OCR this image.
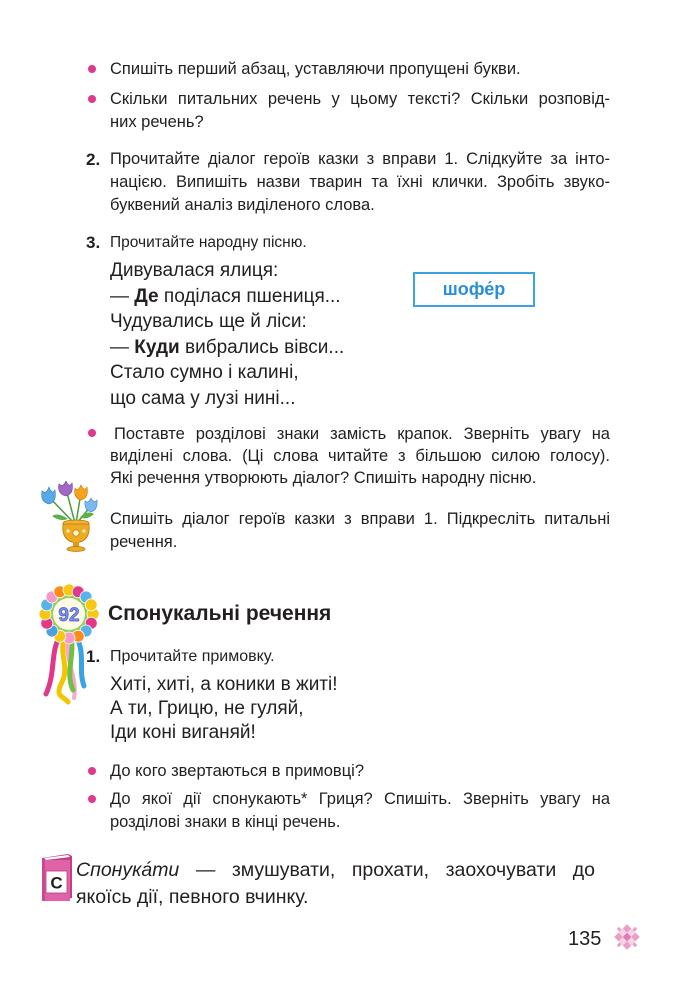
Спишіть перший абзац, уставляючи пропущені букви.
Скільки питальних речень у цьому тексті? Скільки розповід-
них речень?
2. Прочитайте діалог героїв казки з вправи 1. Слідкуйте за інто-
нацією. Випишіть назви тварин та їхні клички. Зробіть звуко-
буквений аналіз виділеного слова.
3. Прочитайте народну пісню.
Дивувалася ялиця:
— Де поділася пшениця...
Чудувались ще й ліси:
— Куди вибрались вівси...
Стало сумно і калині,
що сама у лузі нині...
шофе́р
Поставте розділові знаки замість крапок. Зверніть увагу на
виділені слова. (Ці слова читайте з більшою силою голосу).
Які речення утворюють діалог? Спишіть народну пісню.
Спишіть діалог героїв казки з вправи 1. Підкресліть питальні
речення.
92 Спонукальні речення
1. Прочитайте примовку.
Хиті, хиті, а коники в житі!
А ти, Грицю, не гуляй,
Іди коні виганяй!
До кого звертаються в примовці?
До якої дії спонукають* Гриця? Спишіть. Зверніть увагу на
розділові знаки в кінці речень.
С
Спонука́ти — змушувати, прохати, заохочувати до
якоїсь дії, певного вчинку.
135
